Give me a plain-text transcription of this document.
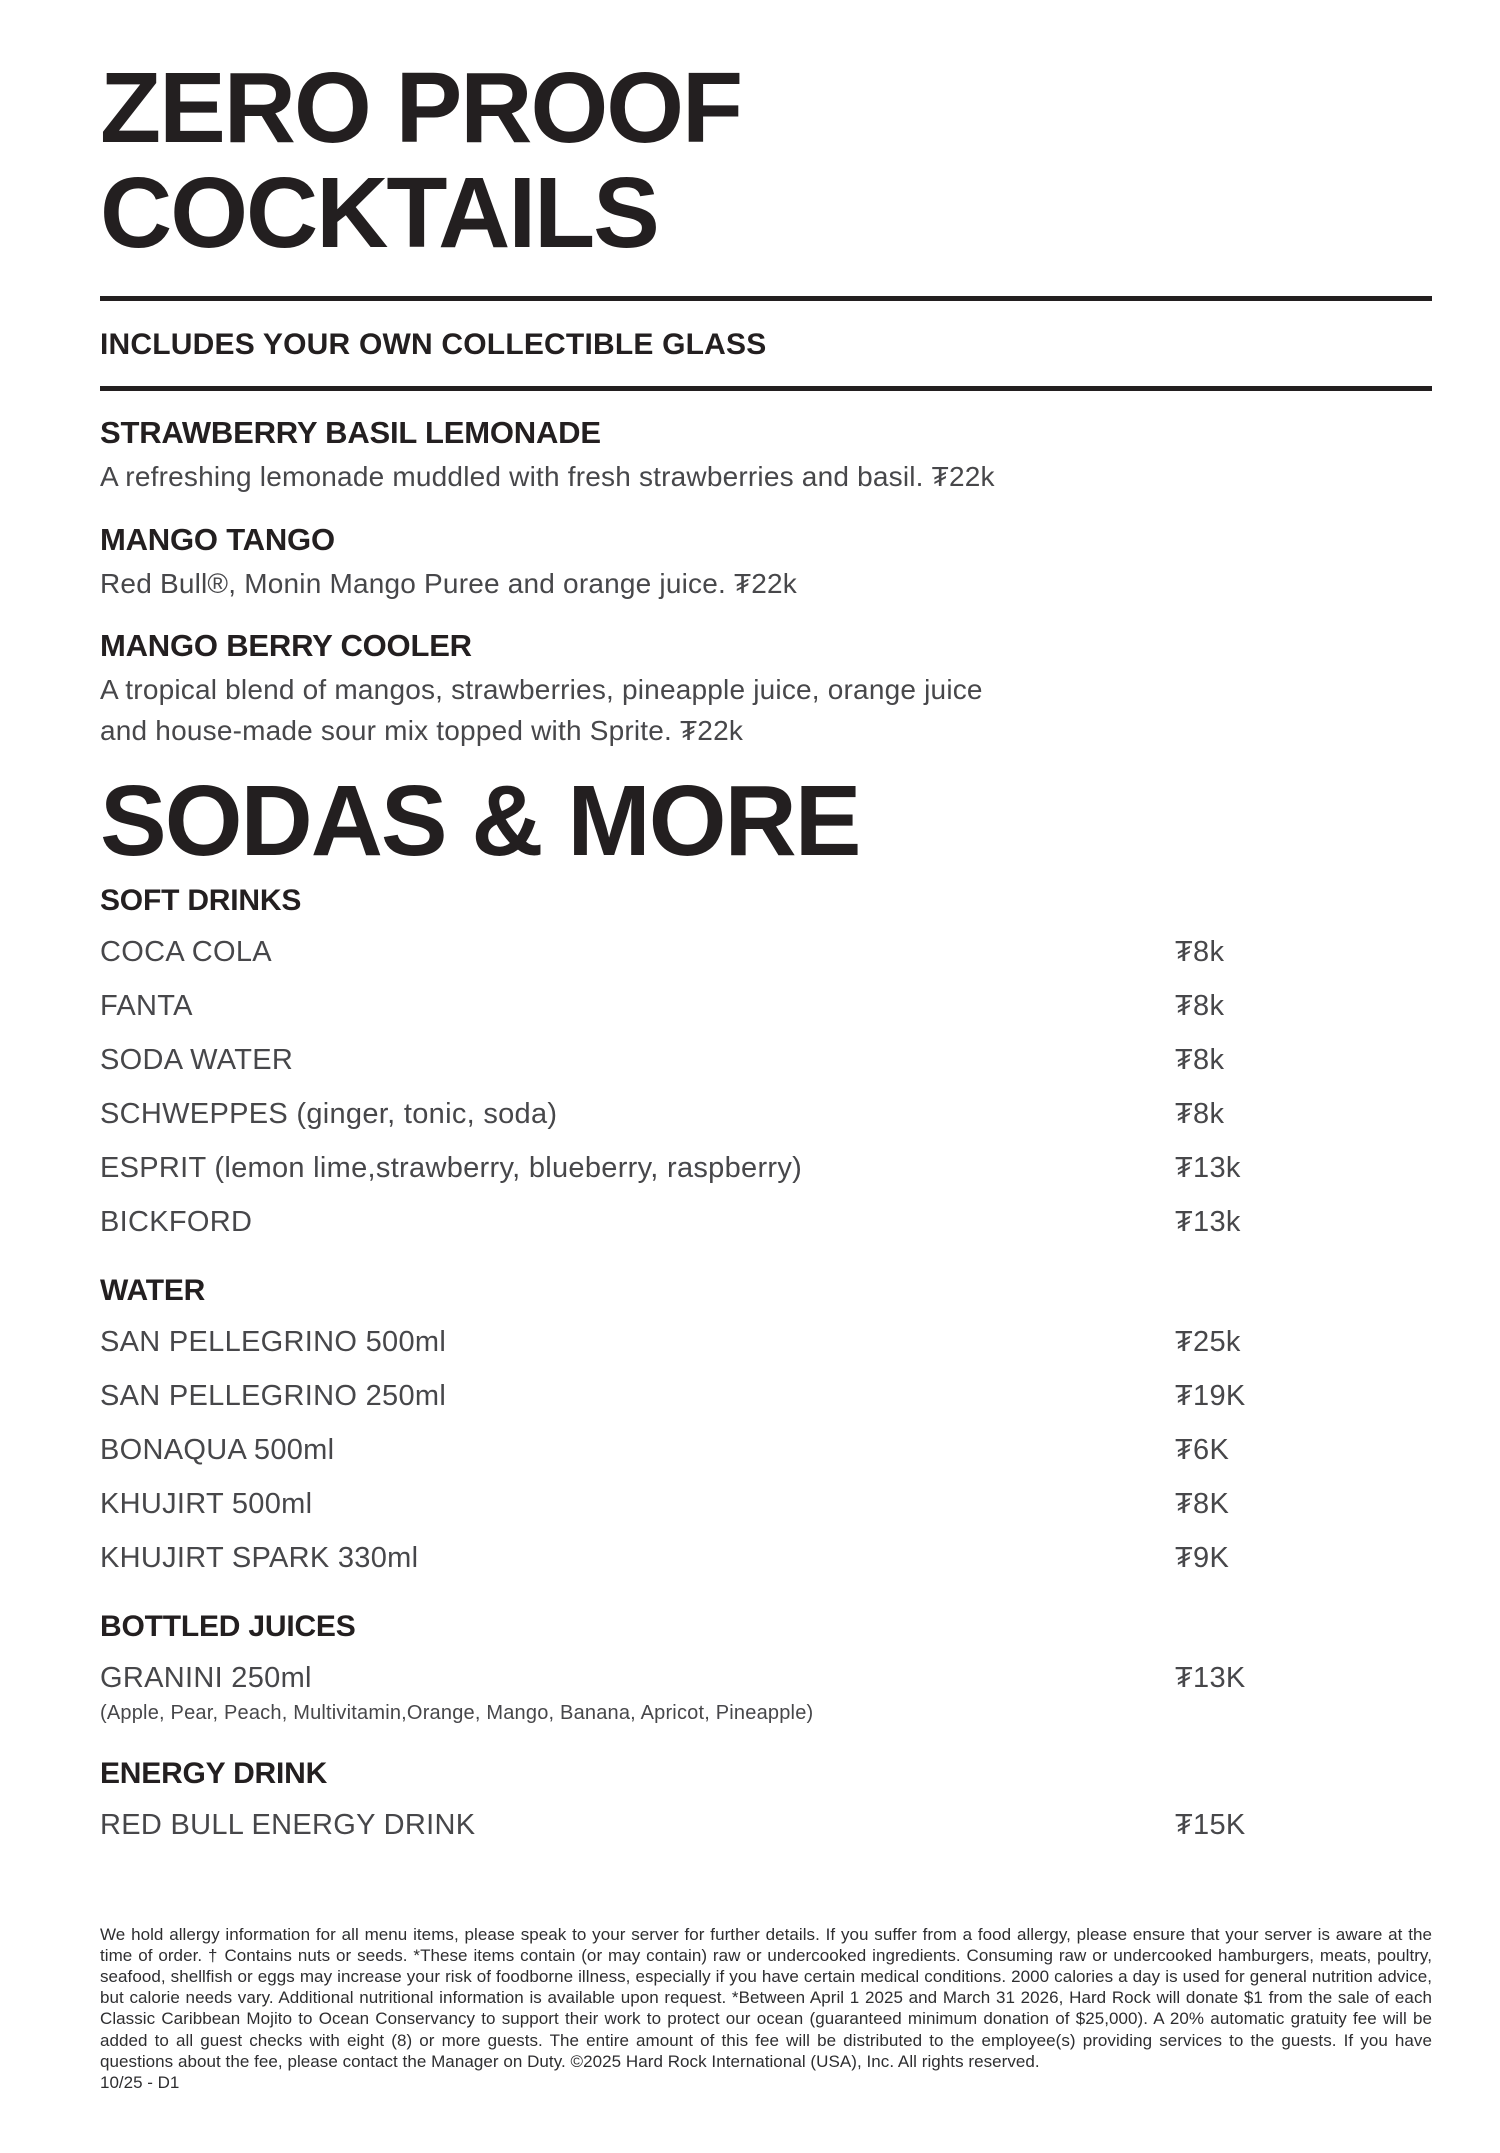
ZERO PROOF
COCKTAILS
INCLUDES YOUR OWN COLLECTIBLE GLASS
STRAWBERRY BASIL LEMONADE
A refreshing lemonade muddled with fresh strawberries and basil. ₮22k
MANGO TANGO
Red Bull®, Monin Mango Puree and orange juice. ₮22k
MANGO BERRY COOLER
A tropical blend of mangos, strawberries, pineapple juice, orange juice
and house-made sour mix topped with Sprite. ₮22k
SODAS & MORE
SOFT DRINKS
COCA COLA	₮8k
FANTA	₮8k
SODA WATER	₮8k
SCHWEPPES (ginger, tonic, soda)	₮8k
ESPRIT (lemon lime,strawberry, blueberry, raspberry)	₮13k
BICKFORD	₮13k
WATER
SAN PELLEGRINO 500ml	₮25k
SAN PELLEGRINO 250ml	₮19K
BONAQUA 500ml	₮6K
KHUJIRT 500ml	₮8K
KHUJIRT SPARK 330ml	₮9K
BOTTLED JUICES
GRANINI 250ml	₮13K
(Apple, Pear, Peach, Multivitamin,Orange, Mango, Banana, Apricot, Pineapple)
ENERGY DRINK
RED BULL ENERGY DRINK	₮15K
We hold allergy information for all menu items, please speak to your server for further details. If you suffer from a food allergy, please ensure that your server is aware at the time of order. † Contains nuts or seeds. *These items contain (or may contain) raw or undercooked ingredients. Consuming raw or undercooked hamburgers, meats, poultry, seafood, shellfish or eggs may increase your risk of foodborne illness, especially if you have certain medical conditions. 2000 calories a day is used for general nutrition advice, but calorie needs vary. Additional nutritional information is available upon request. *Between April 1 2025 and March 31 2026, Hard Rock will donate $1 from the sale of each Classic Caribbean Mojito to Ocean Conservancy to support their work to protect our ocean (guaranteed minimum donation of $25,000). A 20% automatic gratuity fee will be added to all guest checks with eight (8) or more guests. The entire amount of this fee will be distributed to the employee(s) providing services to the guests. If you have questions about the fee, please contact the Manager on Duty. ©2025 Hard Rock International (USA), Inc. All rights reserved.
10/25 - D1
